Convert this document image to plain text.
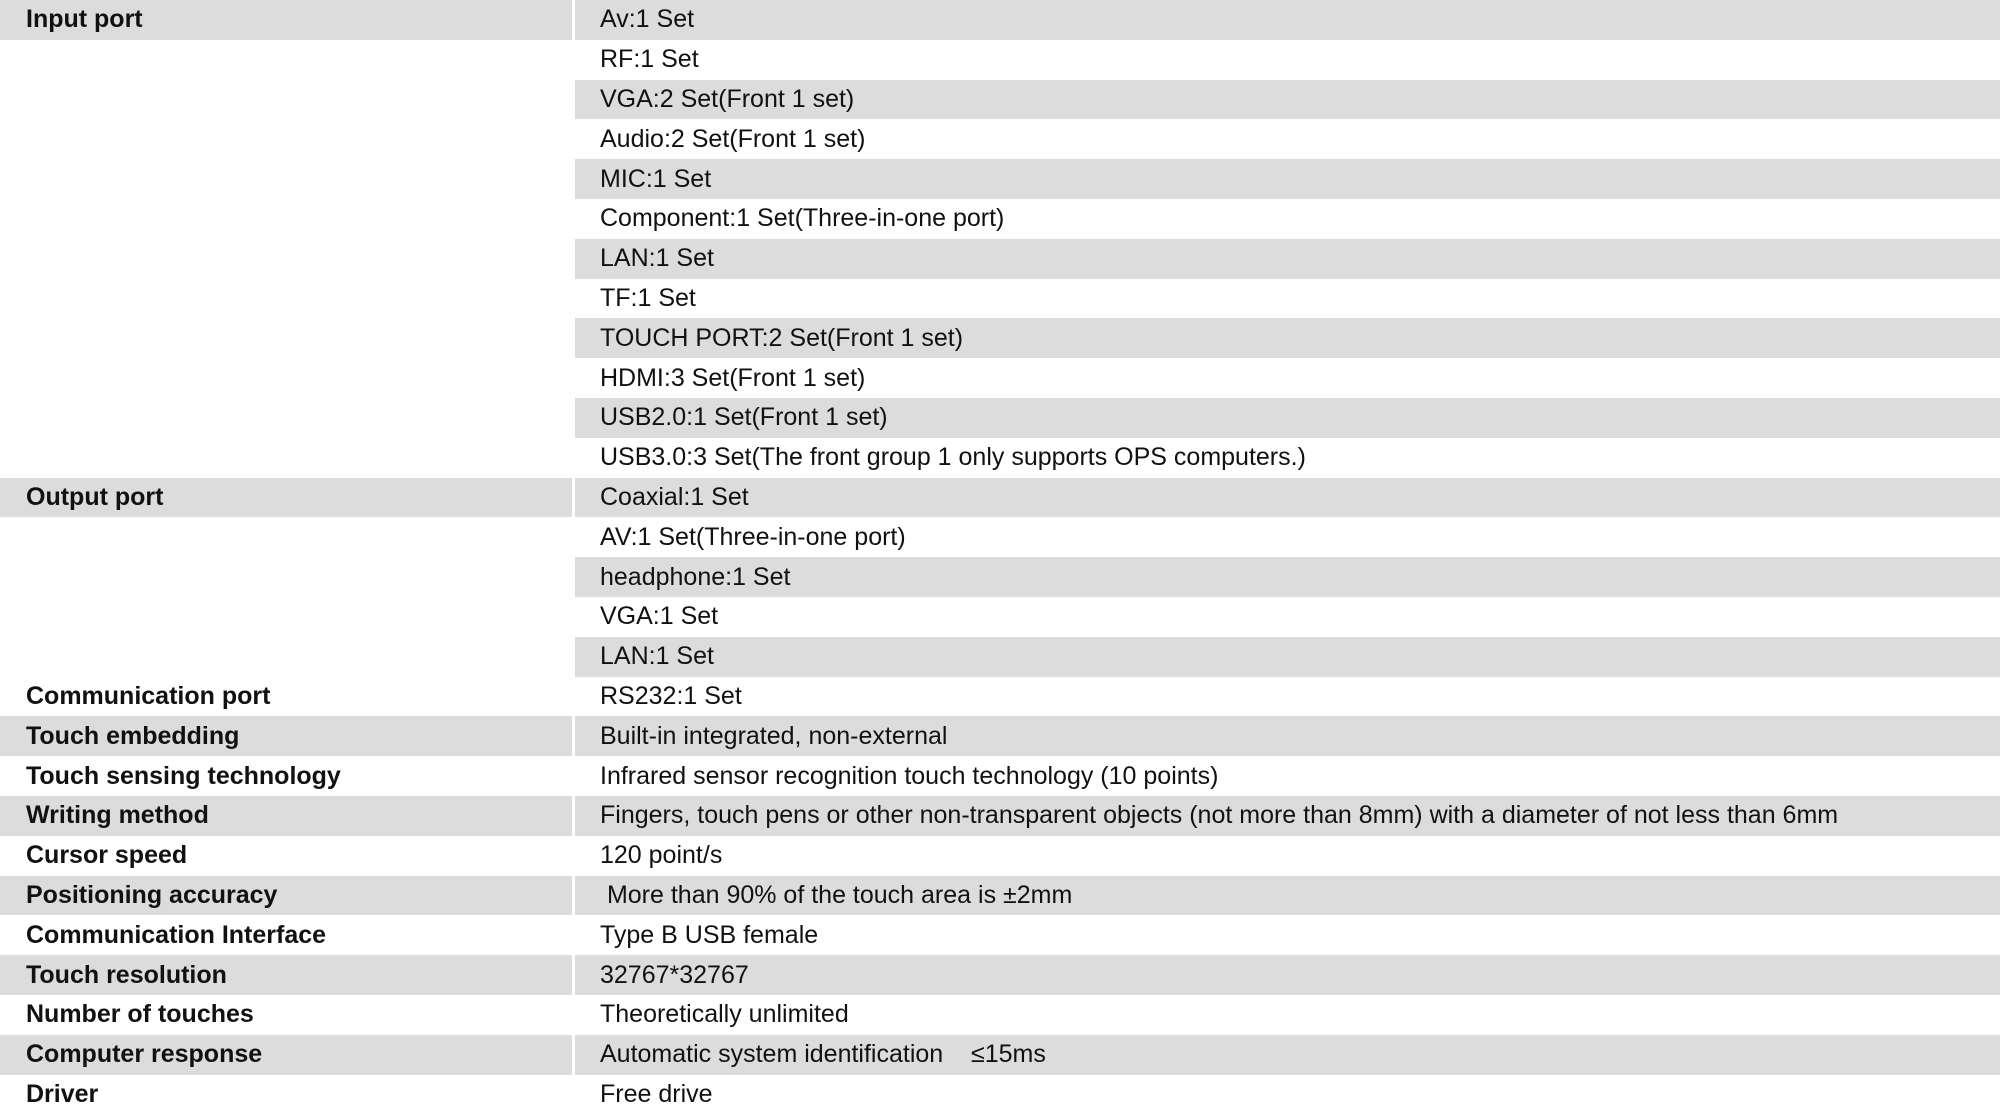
Input port	Av:1 Set
RF:1 Set
VGA:2 Set(Front 1 set)
Audio:2 Set(Front 1 set)
MIC:1 Set
Component:1 Set(Three-in-one port)
LAN:1 Set
TF:1 Set
TOUCH PORT:2 Set(Front 1 set)
HDMI:3 Set(Front 1 set)
USB2.0:1 Set(Front 1 set)
USB3.0:3 Set(The front group 1 only supports OPS computers.)
Output port	Coaxial:1 Set
AV:1 Set(Three-in-one port)
headphone:1 Set
VGA:1 Set
LAN:1 Set
Communication port	RS232:1 Set
Touch embedding	Built-in integrated, non-external
Touch sensing technology	Infrared sensor recognition touch technology (10 points)
Writing method	Fingers, touch pens or other non-transparent objects (not more than 8mm) with a diameter of not less than 6mm
Cursor speed	120 point/s
Positioning accuracy	More than 90% of the touch area is ±2mm
Communication Interface	Type B USB female
Touch resolution	32767*32767
Number of touches	Theoretically unlimited
Computer response	Automatic system identification    ≤15ms
Driver	Free drive
